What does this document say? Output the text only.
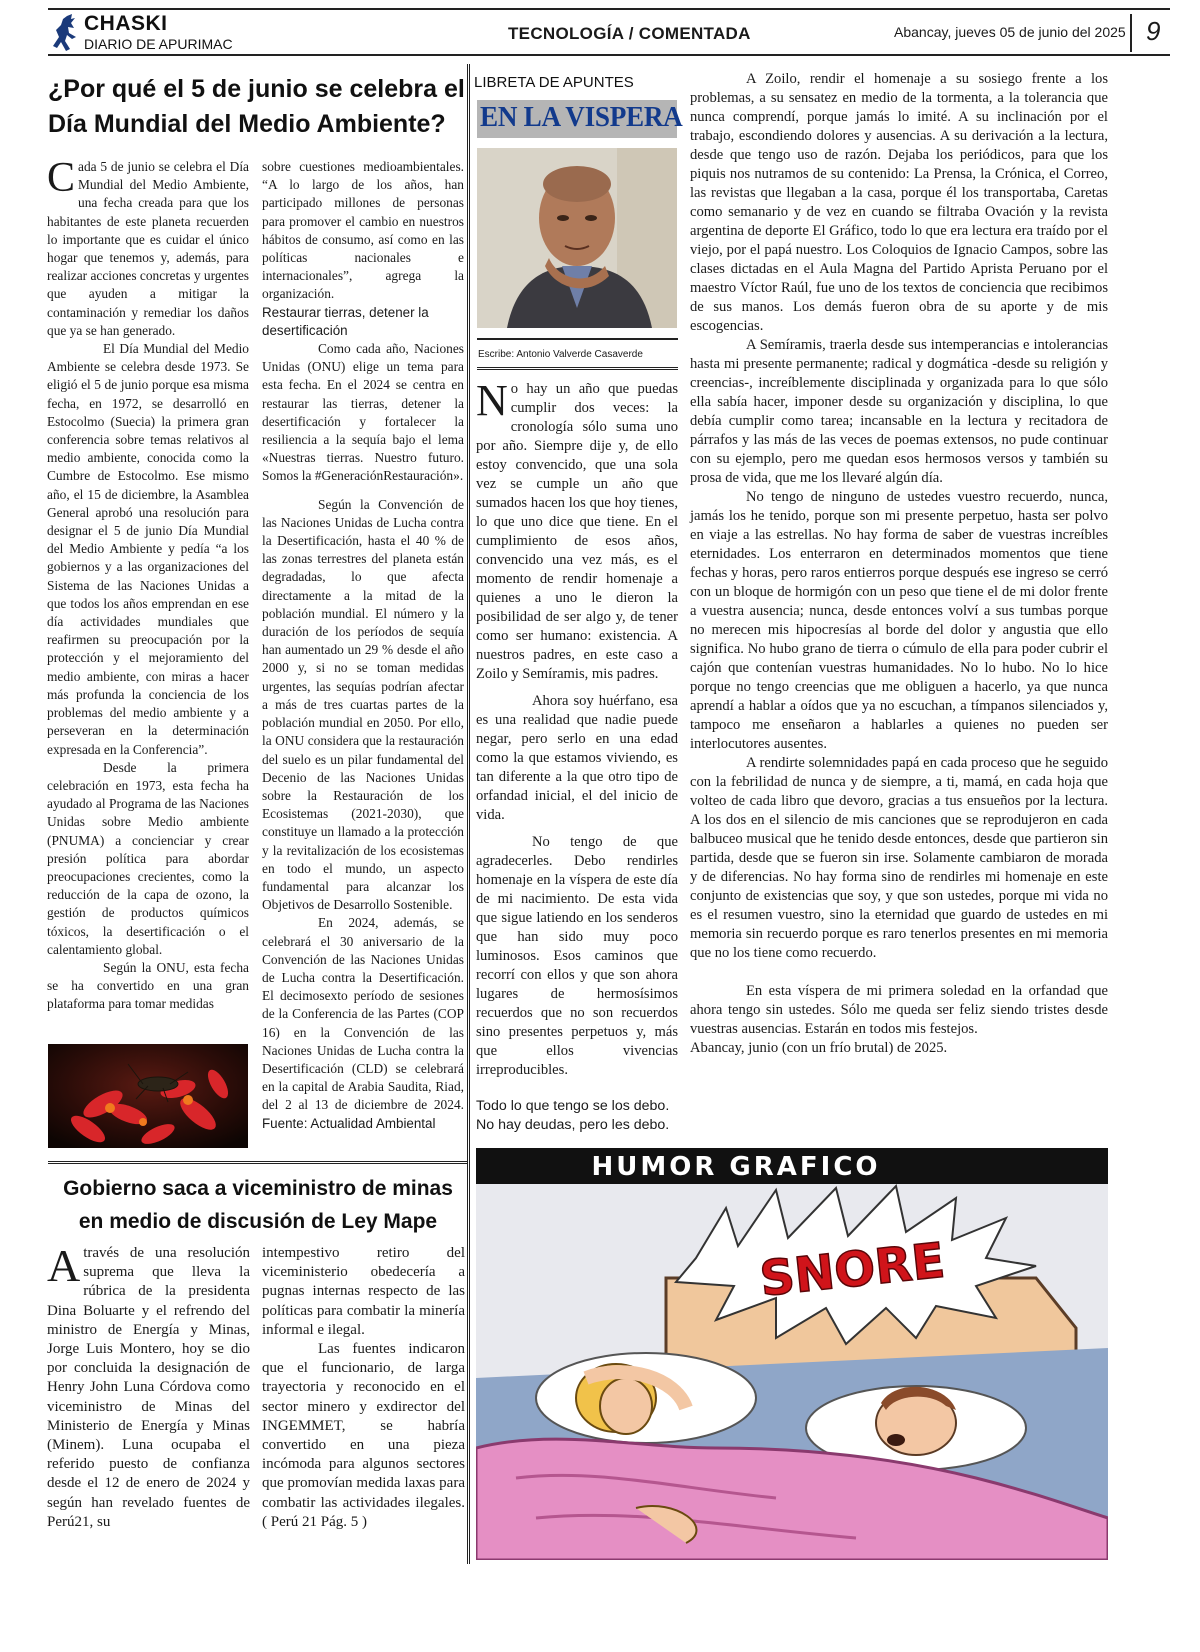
CHASKI
DIARIO DE APURIMAC
TECNOLOGÍA / COMENTADA	Abancay, jueves 05 de junio del 2025 9
¿Por qué el 5 de junio se celebra el Día Mundial del Medio Ambiente?

Cada 5 de junio se celebra el Día Mundial del Medio Ambiente, una fecha creada para que los habitantes de este planeta recuerden lo importante que es cuidar el único hogar que tenemos y, además, para realizar acciones concretas y urgentes que ayuden a mitigar la contaminación y remediar los daños que ya se han generado.

El Día Mundial del Medio Ambiente se celebra desde 1973. Se eligió el 5 de junio porque esa misma fecha, en 1972, se desarrolló en Estocolmo (Suecia) la primera gran conferencia sobre temas relativos al medio ambiente, conocida como la Cumbre de Estocolmo. Ese mismo año, el 15 de diciembre, la Asamblea General aprobó una resolución para designar el 5 de junio Día Mundial del Medio Ambiente y pedía “a los gobiernos y a las organizaciones del Sistema de las Naciones Unidas a que todos los años emprendan en ese día actividades mundiales que reafirmen su preocupación por la protección y el mejoramiento del medio ambiente, con miras a hacer más profunda la conciencia de los problemas del medio ambiente y a perseveran en la determinación expresada en la Conferencia”.

Desde la primera celebración en 1973, esta fecha ha ayudado al Programa de las Naciones Unidas sobre Medio ambiente (PNUMA) a concienciar y crear presión política para abordar preocupaciones crecientes, como la reducción de la capa de ozono, la gestión de productos químicos tóxicos, la desertificación o el calentamiento global.

Según la ONU, esta fecha se ha convertido en una gran plataforma para tomar medidas

sobre cuestiones medioambientales. “A lo largo de los años, han participado millones de personas para promover el cambio en nuestros hábitos de consumo, así como en las políticas nacionales e internacionales”, agrega la organización.

Restaurar tierras, detener la desertificación

Como cada año, Naciones Unidas (ONU) elige un tema para esta fecha. En el 2024 se centra en restaurar las tierras, detener la desertificación y fortalecer la resiliencia a la sequía bajo el lema «Nuestras tierras. Nuestro futuro. Somos la #GeneraciónRestauración».

Según la Convención de las Naciones Unidas de Lucha contra la Desertificación, hasta el 40 % de las zonas terrestres del planeta están degradadas, lo que afecta directamente a la mitad de la población mundial. El número y la duración de los períodos de sequía han aumentado un 29 % desde el año 2000 y, si no se toman medidas urgentes, las sequías podrían afectar a más de tres cuartas partes de la población mundial en 2050. Por ello, la ONU considera que la restauración del suelo es un pilar fundamental del Decenio de las Naciones Unidas sobre la Restauración de los Ecosistemas (2021-2030), que constituye un llamado a la protección y la revitalización de los ecosistemas en todo el mundo, un aspecto fundamental para alcanzar los Objetivos de Desarrollo Sostenible.

En 2024, además, se celebrará el 30 aniversario de la Convención de las Naciones Unidas de Lucha contra la Desertificación. El decimosexto período de sesiones de la Conferencia de las Partes (COP 16) en la Convención de las Naciones Unidas de Lucha contra la Desertificación (CLD) se celebrará en la capital de Arabia Saudita, Riad, del 2 al 13 de diciembre de 2024. Fuente: Actualidad Ambiental

Gobierno saca a viceministro de minas en medio de discusión de Ley Mape

Através de una resolución suprema que lleva la rúbrica de la presidenta Dina Boluarte y el refrendo del ministro de Energía y Minas, Jorge Luis Montero, hoy se dio por concluida la designación de Henry John Luna Córdova como viceministro de Minas del Ministerio de Energía y Minas (Minem). Luna ocupaba el referido puesto de confianza desde el 12 de enero de 2024 y según han revelado fuentes de Perú21, su

intempestivo retiro del viceministerio obedecería a pugnas internas respecto de las políticas para combatir la minería informal e ilegal.

Las fuentes indicaron que el funcionario, de larga trayectoria y reconocido en el sector minero y exdirector del INGEMMET, se habría convertido en una pieza incómoda para algunos sectores que promovían medida laxas para combatir las actividades ilegales. ( Perú 21 Pág. 5 )

LIBRETA DE APUNTES
EN LA VISPERA
Escribe: Antonio Valverde Casaverde

No hay un año que puedas cumplir dos veces: la cronología sólo suma uno por año. Siempre dije y, de ello estoy convencido, que una sola vez se cumple un año que sumados hacen los que hoy tienes, lo que uno dice que tiene. En el cumplimiento de esos años, convencido una vez más, es el momento de rendir homenaje a quienes a uno le dieron la posibilidad de ser algo y, de tener como ser humano: existencia. A nuestros padres, en este caso a Zoilo y Semíramis, mis padres.

Ahora soy huérfano, esa es una realidad que nadie puede negar, pero serlo en una edad como la que estamos viviendo, es tan diferente a la que otro tipo de orfandad inicial, el del inicio de vida.

No tengo de que agradecerles. Debo rendirles homenaje en la víspera de este día de mi nacimiento. De esta vida que sigue latiendo en los senderos que han sido muy poco luminosos. Esos caminos que recorrí con ellos y que son ahora lugares de hermosísimos recuerdos que no son recuerdos sino presentes perpetuos y, más que ellos vivencias irreproducibles.

Todo lo que tengo se los debo.
No hay deudas, pero les debo.

A Zoilo, rendir el homenaje a su sosiego frente a los problemas, a su sensatez en medio de la tormenta, a la tolerancia que nunca comprendí, porque jamás lo imité. A su inclinación por el trabajo, escondiendo dolores y ausencias. A su derivación a la lectura, desde que tengo uso de razón. Dejaba los periódicos, para que los piquis nos nutramos de su contenido: La Prensa, la Crónica, el Correo, las revistas que llegaban a la casa, porque él los transportaba, Caretas como semanario y de vez en cuando se filtraba Ovación y la revista argentina de deporte El Gráfico, todo lo que era lectura era traído por el viejo, por el papá nuestro. Los Coloquios de Ignacio Campos, sobre las clases dictadas en el Aula Magna del Partido Aprista Peruano por el maestro Víctor Raúl, fue uno de los textos de conciencia que recibimos de sus manos. Los demás fueron obra de su aporte y de mis escogencias.

A Semíramis, traerla desde sus intemperancias e intolerancias hasta mi presente permanente; radical y dogmática -desde su religión y creencias-, increíblemente disciplinada y organizada para lo que sólo ella sabía hacer, imponer desde su organización y disciplina, lo que debía cumplir como tarea; incansable en la lectura y recitadora de párrafos y las más de las veces de poemas extensos, no pude continuar con su ejemplo, pero me quedan esos hermosos versos y también su prosa de vida, que me los llevaré algún día.

No tengo de ninguno de ustedes vuestro recuerdo, nunca, jamás los he tenido, porque son mi presente perpetuo, hasta ser polvo en viaje a las estrellas. No hay forma de saber de vuestras increíbles eternidades. Los enterraron en determinados momentos que tiene fechas y horas, pero raros entierros porque después ese ingreso se cerró con un bloque de hormigón con un peso que tiene el de mi dolor frente a vuestra ausencia; nunca, desde entonces volví a sus tumbas porque no merecen mis hipocresías al borde del dolor y angustia que ello significa. No hubo grano de tierra o cúmulo de ella para poder cubrir el cajón que contenían vuestras humanidades. No lo hubo. No lo hice porque no tengo creencias que me obliguen a hacerlo, ya que nunca aprendí a hablar a oídos que ya no escuchan, a tímpanos silenciados y, tampoco me enseñaron a hablarles a quienes no pueden ser interlocutores ausentes.

A rendirte solemnidades papá en cada proceso que he seguido con la febrilidad de nunca y de siempre, a ti, mamá, en cada hoja que volteo de cada libro que devoro, gracias a tus ensueños por la lectura. A los dos en el silencio de mis canciones que se reprodujeron en cada balbuceo musical que he tenido desde entonces, desde que partieron sin partida, desde que se fueron sin irse. Solamente cambiaron de morada y de diferencias. No hay forma sino de rendirles mi homenaje en este conjunto de existencias que soy, y que son ustedes, porque mi vida no es el resumen vuestro, sino la eternidad que guardo de ustedes en mi memoria sin recuerdo porque es raro tenerlos presentes en mi memoria que no los tiene como recuerdo.

En esta víspera de mi primera soledad en la orfandad que ahora tengo sin ustedes. Sólo me queda ser feliz siendo tristes desde vuestras ausencias. Estarán en todos mis festejos.

Abancay, junio (con un frío brutal) de 2025.

HUMOR GRAFICO
SNORE
